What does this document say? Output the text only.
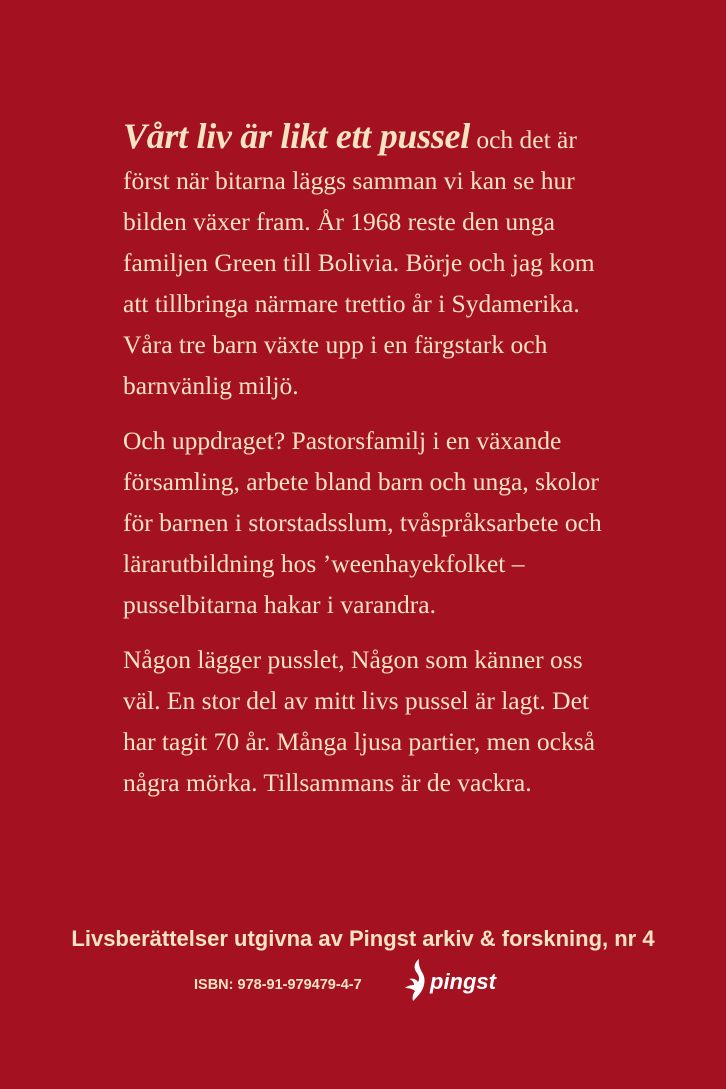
Vårt liv är likt ett pussel och det är först när bitarna läggs samman vi kan se hur bilden växer fram. År 1968 reste den unga familjen Green till Bolivia. Börje och jag kom att tillbringa närmare trettio år i Sydamerika. Våra tre barn växte upp i en färgstark och barnvänlig miljö.

Och uppdraget? Pastorsfamilj i en växande församling, arbete bland barn och unga, skolor för barnen i storstadsslum, tvåspråksarbete och lärarutbildning hos ’weenhayekfolket – pusselbitarna hakar i varandra.

Någon lägger pusslet, Någon som känner oss väl. En stor del av mitt livs pussel är lagt. Det har tagit 70 år. Många ljusa partier, men också några mörka. Tillsammans är de vackra.

Livsberättelser utgivna av Pingst arkiv & forskning, nr 4
ISBN: 978-91-979479-4-7	pingst
